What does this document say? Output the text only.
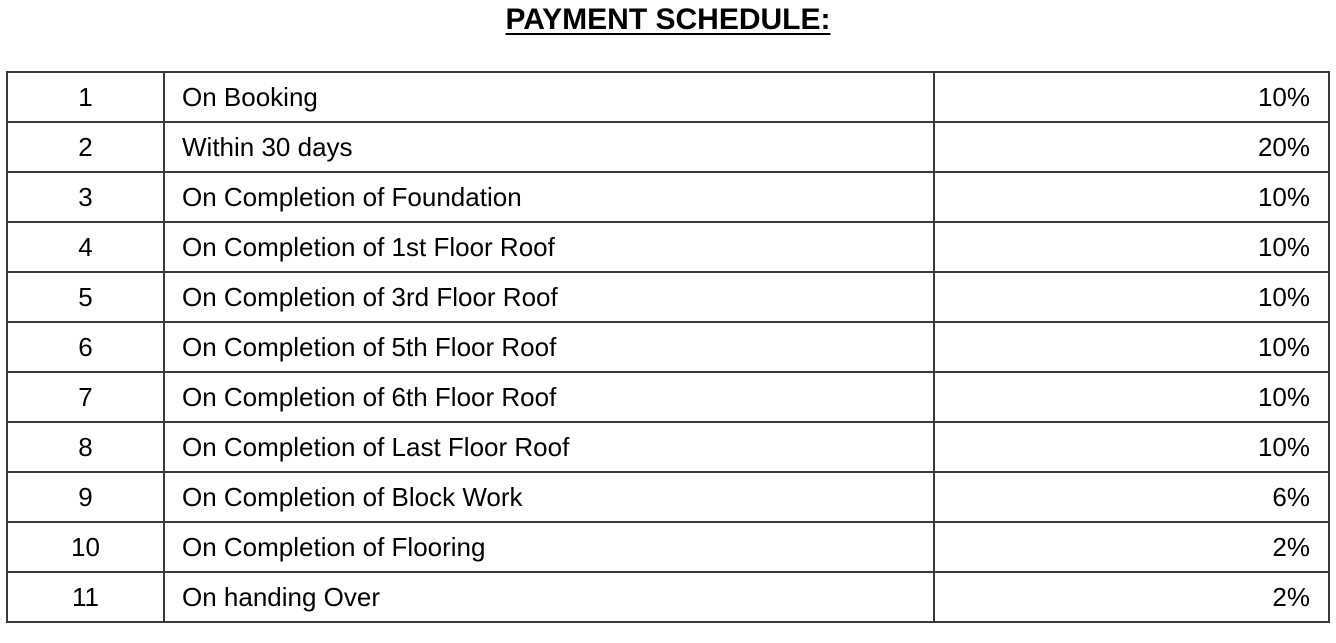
PAYMENT SCHEDULE:
1	On Booking	10%
2	Within 30 days	20%
3	On Completion of Foundation	10%
4	On Completion of 1st Floor Roof	10%
5	On Completion of 3rd Floor Roof	10%
6	On Completion of 5th Floor Roof	10%
7	On Completion of 6th Floor Roof	10%
8	On Completion of Last Floor Roof	10%
9	On Completion of Block Work	6%
10	On Completion of Flooring	2%
11	On handing Over	2%
